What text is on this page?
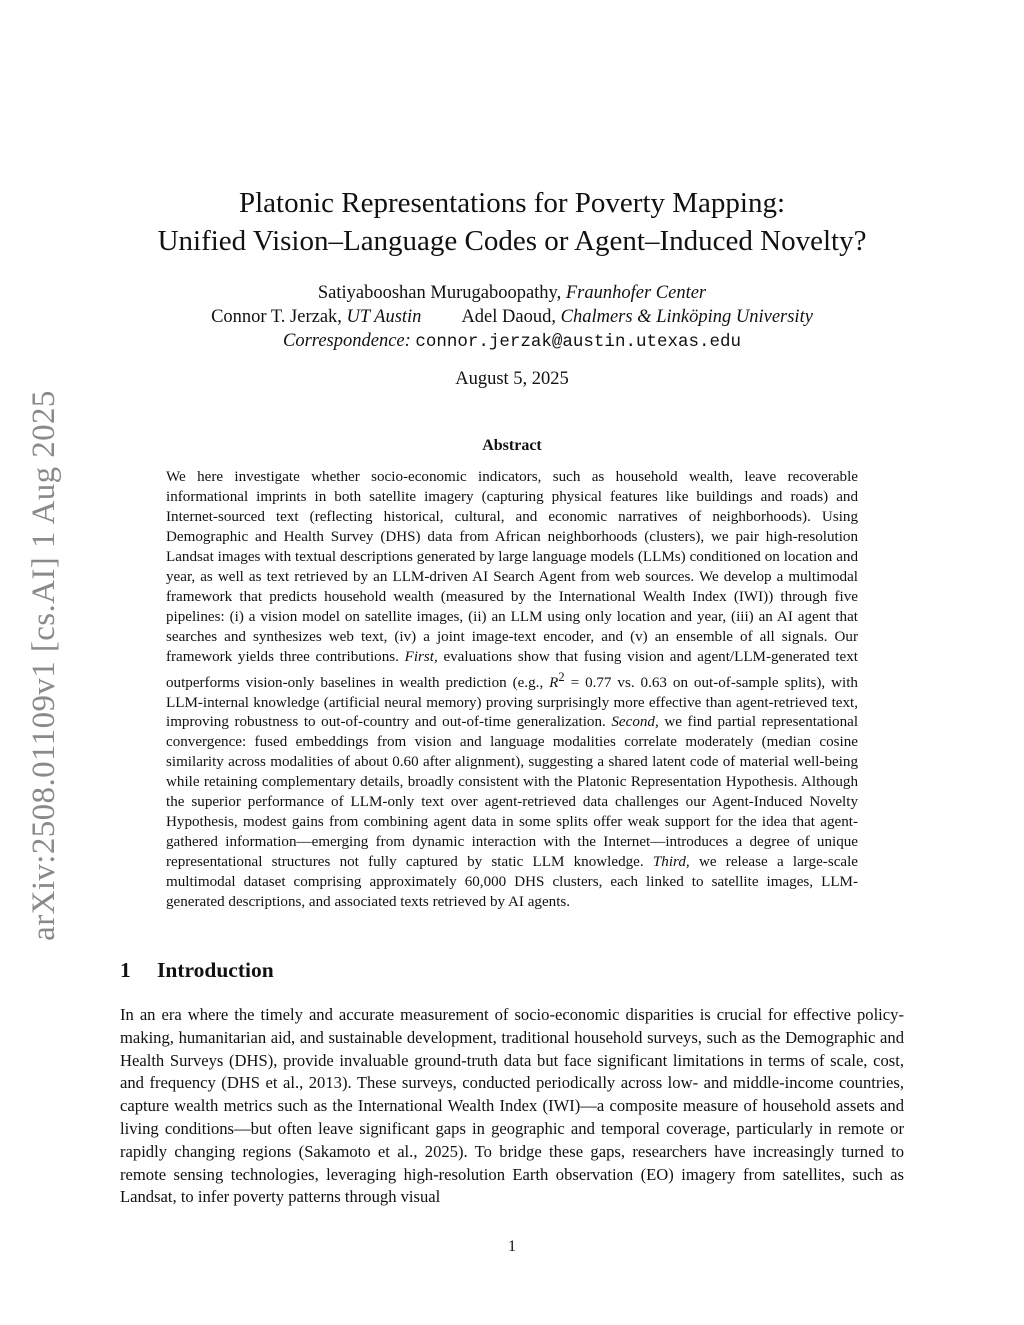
arXiv:2508.01109v1 [cs.AI] 1 Aug 2025
Platonic Representations for Poverty Mapping:
Unified Vision–Language Codes or Agent–Induced Novelty?
Satiyabooshan Murugaboopathy, Fraunhofer Center
Connor T. Jerzak, UT Austin Adel Daoud, Chalmers & Linköping University
Correspondence: connor.jerzak@austin.utexas.edu
August 5, 2025
Abstract

We here investigate whether socio-economic indicators, such as household wealth, leave recoverable informational imprints in both satellite imagery (capturing physical features like buildings and roads) and Internet-sourced text (reflecting historical, cultural, and economic narratives of neighborhoods). Using Demographic and Health Survey (DHS) data from African neighborhoods (clusters), we pair high-resolution Landsat images with textual descriptions generated by large language models (LLMs) conditioned on location and year, as well as text retrieved by an LLM-driven AI Search Agent from web sources. We develop a multimodal framework that predicts household wealth (measured by the International Wealth Index (IWI)) through five pipelines: (i) a vision model on satellite images, (ii) an LLM using only location and year, (iii) an AI agent that searches and synthesizes web text, (iv) a joint image-text encoder, and (v) an ensemble of all signals. Our framework yields three contributions. First, evaluations show that fusing vision and agent/LLM-generated text outperforms vision-only baselines in wealth prediction (e.g., $R^2 = 0.77$ vs. 0.63 on out-of-sample splits), with LLM-internal knowledge (artificial neural memory) proving surprisingly more effective than agent-retrieved text, improving robustness to out-of-country and out-of-time generalization. Second, we find partial representational convergence: fused embeddings from vision and language modalities correlate moderately (median cosine similarity across modalities of about 0.60 after alignment), suggesting a shared latent code of material well-being while retaining complementary details, broadly consistent with the Platonic Representation Hypothesis. Although the superior performance of LLM-only text over agent-retrieved data challenges our Agent-Induced Novelty Hypothesis, modest gains from combining agent data in some splits offer weak support for the idea that agent-gathered information—emerging from dynamic interaction with the Internet—introduces a degree of unique representational structures not fully captured by static LLM knowledge. Third, we release a large-scale multimodal dataset comprising approximately 60,000 DHS clusters, each linked to satellite images, LLM-generated descriptions, and associated texts retrieved by AI agents.

1 Introduction

In an era where the timely and accurate measurement of socio-economic disparities is crucial for effective policy-making, humanitarian aid, and sustainable development, traditional household surveys, such as the Demographic and Health Surveys (DHS), provide invaluable ground-truth data but face significant limitations in terms of scale, cost, and frequency (DHS et al., 2013). These surveys, conducted periodically across low- and middle-income countries, capture wealth metrics such as the International Wealth Index (IWI)—a composite measure of household assets and living conditions—but often leave significant gaps in geographic and temporal coverage, particularly in remote or rapidly changing regions (Sakamoto et al., 2025). To bridge these gaps, researchers have increasingly turned to remote sensing technologies, leveraging high-resolution Earth observation (EO) imagery from satellites, such as Landsat, to infer poverty patterns through visual

1
